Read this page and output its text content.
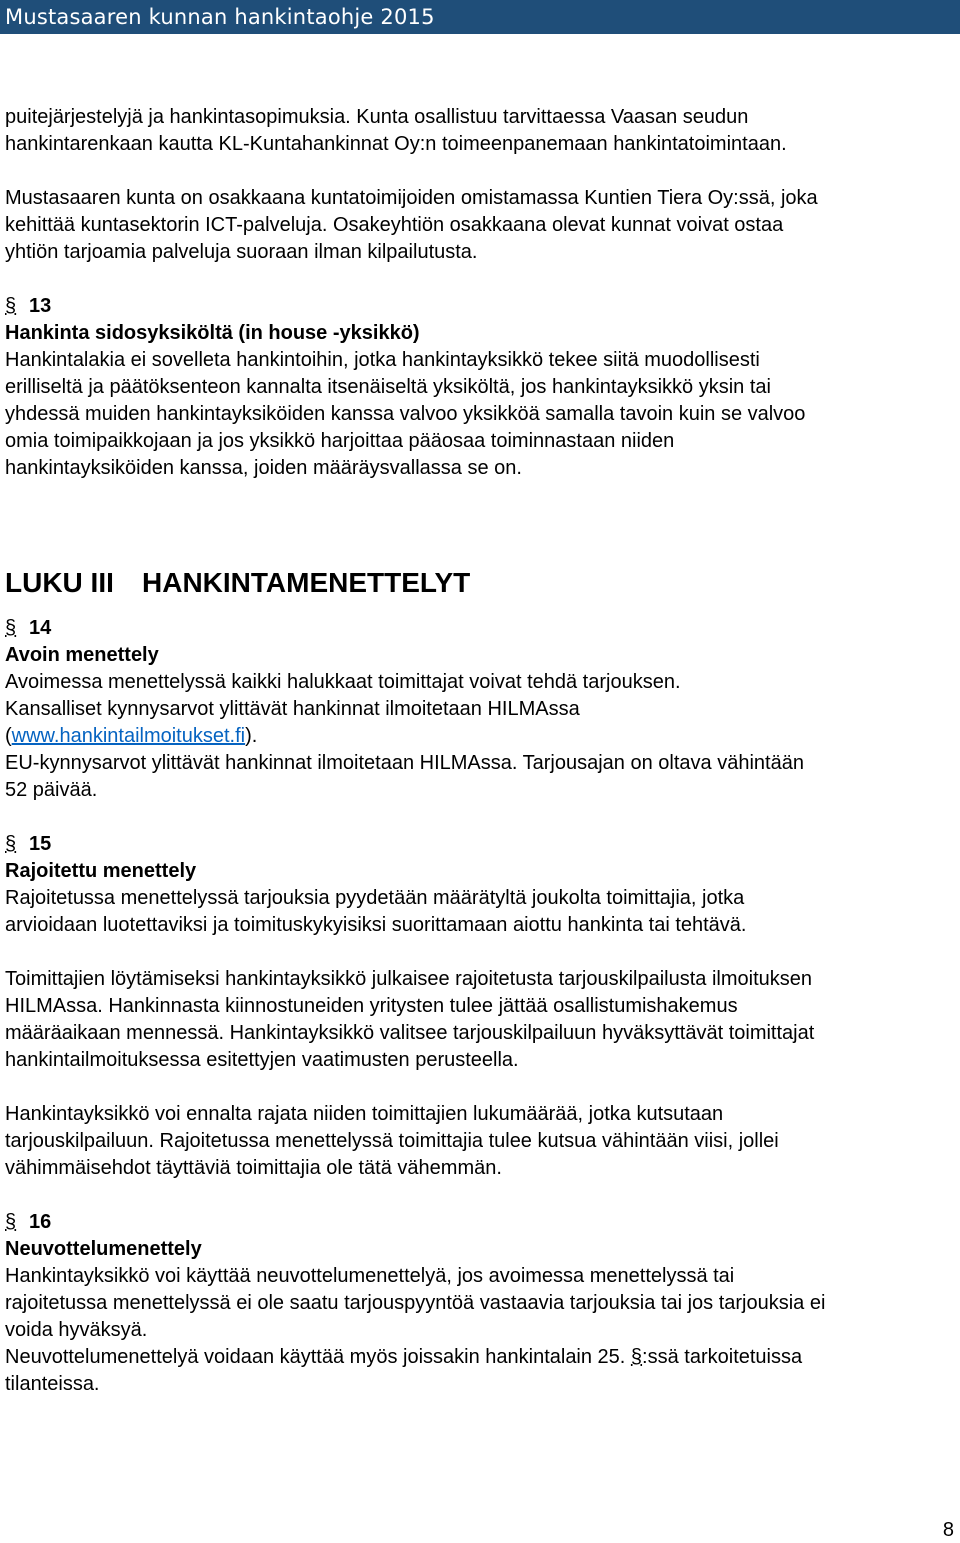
Mustasaaren kunnan hankintaohje 2015

puitejärjestelyjä ja hankintasopimuksia. Kunta osallistuu tarvittaessa Vaasan seudun
hankintarenkaan kautta KL-Kuntahankinnat Oy:n toimeenpanemaan hankintatoimintaan.

Mustasaaren kunta on osakkaana kuntatoimijoiden omistamassa Kuntien Tiera Oy:ssä, joka
kehittää kuntasektorin ICT-palveluja. Osakeyhtiön osakkaana olevat kunnat voivat ostaa
yhtiön tarjoamia palveluja suoraan ilman kilpailutusta.

§ 13
Hankinta sidosyksiköltä (in house -yksikkö)

Hankintalakia ei sovelleta hankintoihin, jotka hankintayksikkö tekee siitä muodollisesti
erilliseltä ja päätöksenteon kannalta itsenäiseltä yksiköltä, jos hankintayksikkö yksin tai
yhdessä muiden hankintayksiköiden kanssa valvoo yksikköä samalla tavoin kuin se valvoo
omia toimipaikkojaan ja jos yksikkö harjoittaa pääosaa toiminnastaan niiden
hankintayksiköiden kanssa, joiden määräysvallassa se on.

LUKU III HANKINTAMENETTELYT
§ 14
Avoin menettely

Avoimessa menettelyssä kaikki halukkaat toimittajat voivat tehdä tarjouksen.
Kansalliset kynnysarvot ylittävät hankinnat ilmoitetaan HILMAssa
(www.hankintailmoitukset.fi).
EU-kynnysarvot ylittävät hankinnat ilmoitetaan HILMAssa. Tarjousajan on oltava vähintään
52 päivää.

§ 15
Rajoitettu menettely

Rajoitetussa menettelyssä tarjouksia pyydetään määrätyltä joukolta toimittajia, jotka
arvioidaan luotettaviksi ja toimituskykyisiksi suorittamaan aiottu hankinta tai tehtävä.

Toimittajien löytämiseksi hankintayksikkö julkaisee rajoitetusta tarjouskilpailusta ilmoituksen
HILMAssa. Hankinnasta kiinnostuneiden yritysten tulee jättää osallistumishakemus
määräaikaan mennessä. Hankintayksikkö valitsee tarjouskilpailuun hyväksyttävät toimittajat
hankintailmoituksessa esitettyjen vaatimusten perusteella.

Hankintayksikkö voi ennalta rajata niiden toimittajien lukumäärää, jotka kutsutaan
tarjouskilpailuun. Rajoitetussa menettelyssä toimittajia tulee kutsua vähintään viisi, jollei
vähimmäisehdot täyttäviä toimittajia ole tätä vähemmän.

§ 16
Neuvottelumenettely

Hankintayksikkö voi käyttää neuvottelumenettelyä, jos avoimessa menettelyssä tai
rajoitetussa menettelyssä ei ole saatu tarjouspyyntöä vastaavia tarjouksia tai jos tarjouksia ei
voida hyväksyä.
Neuvottelumenettelyä voidaan käyttää myös joissakin hankintalain 25. §:ssä tarkoitetuissa
tilanteissa.

8
